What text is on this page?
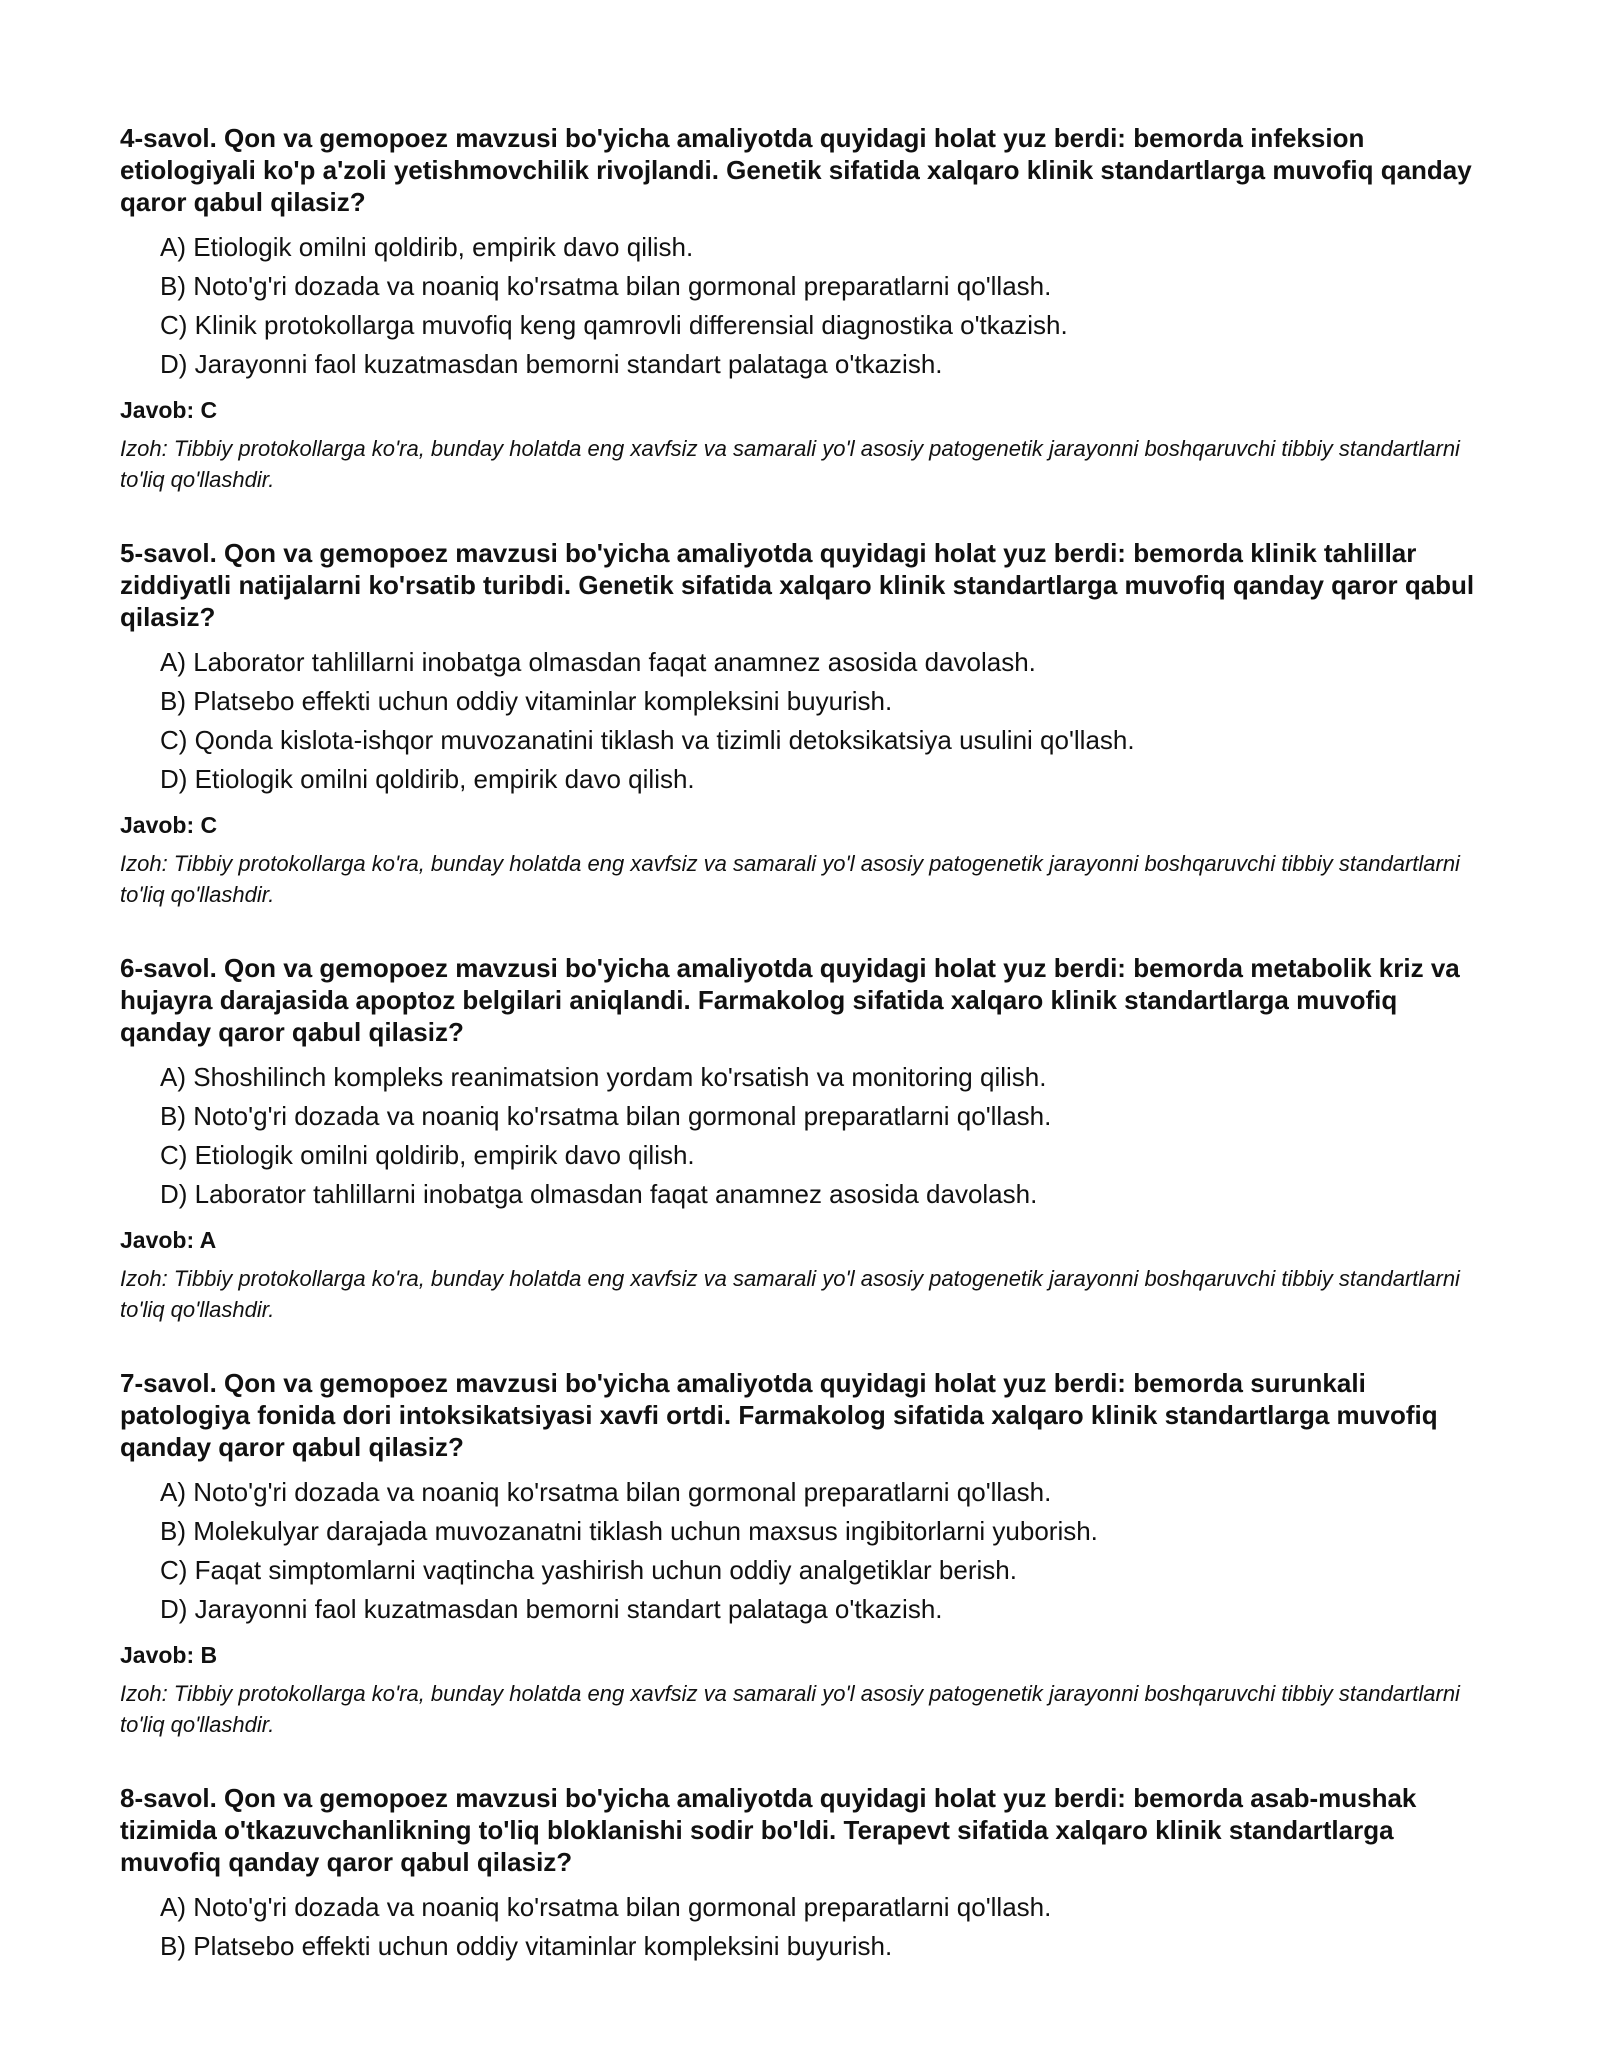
4-savol. Qon va gemopoez mavzusi bo'yicha amaliyotda quyidagi holat yuz berdi: bemorda infeksion etiologiyali ko'p a'zoli yetishmovchilik rivojlandi. Genetik sifatida xalqaro klinik standartlarga muvofiq qanday qaror qabul qilasiz?

A) Etiologik omilni qoldirib, empirik davo qilish.
B) Noto'g'ri dozada va noaniq ko'rsatma bilan gormonal preparatlarni qo'llash.
C) Klinik protokollarga muvofiq keng qamrovli differensial diagnostika o'tkazish.
D) Jarayonni faol kuzatmasdan bemorni standart palataga o'tkazish.

Javob: C

Izoh: Tibbiy protokollarga ko'ra, bunday holatda eng xavfsiz va samarali yo'l asosiy patogenetik jarayonni boshqaruvchi tibbiy standartlarni to'liq qo'llashdir.

5-savol. Qon va gemopoez mavzusi bo'yicha amaliyotda quyidagi holat yuz berdi: bemorda klinik tahlillar ziddiyatli natijalarni ko'rsatib turibdi. Genetik sifatida xalqaro klinik standartlarga muvofiq qanday qaror qabul qilasiz?

A) Laborator tahlillarni inobatga olmasdan faqat anamnez asosida davolash.
B) Platsebo effekti uchun oddiy vitaminlar kompleksini buyurish.
C) Qonda kislota-ishqor muvozanatini tiklash va tizimli detoksikatsiya usulini qo'llash.
D) Etiologik omilni qoldirib, empirik davo qilish.

Javob: C

Izoh: Tibbiy protokollarga ko'ra, bunday holatda eng xavfsiz va samarali yo'l asosiy patogenetik jarayonni boshqaruvchi tibbiy standartlarni to'liq qo'llashdir.

6-savol. Qon va gemopoez mavzusi bo'yicha amaliyotda quyidagi holat yuz berdi: bemorda metabolik kriz va hujayra darajasida apoptoz belgilari aniqlandi. Farmakolog sifatida xalqaro klinik standartlarga muvofiq qanday qaror qabul qilasiz?

A) Shoshilinch kompleks reanimatsion yordam ko'rsatish va monitoring qilish.
B) Noto'g'ri dozada va noaniq ko'rsatma bilan gormonal preparatlarni qo'llash.
C) Etiologik omilni qoldirib, empirik davo qilish.
D) Laborator tahlillarni inobatga olmasdan faqat anamnez asosida davolash.

Javob: A

Izoh: Tibbiy protokollarga ko'ra, bunday holatda eng xavfsiz va samarali yo'l asosiy patogenetik jarayonni boshqaruvchi tibbiy standartlarni to'liq qo'llashdir.

7-savol. Qon va gemopoez mavzusi bo'yicha amaliyotda quyidagi holat yuz berdi: bemorda surunkali patologiya fonida dori intoksikatsiyasi xavfi ortdi. Farmakolog sifatida xalqaro klinik standartlarga muvofiq qanday qaror qabul qilasiz?

A) Noto'g'ri dozada va noaniq ko'rsatma bilan gormonal preparatlarni qo'llash.
B) Molekulyar darajada muvozanatni tiklash uchun maxsus ingibitorlarni yuborish.
C) Faqat simptomlarni vaqtincha yashirish uchun oddiy analgetiklar berish.
D) Jarayonni faol kuzatmasdan bemorni standart palataga o'tkazish.

Javob: B

Izoh: Tibbiy protokollarga ko'ra, bunday holatda eng xavfsiz va samarali yo'l asosiy patogenetik jarayonni boshqaruvchi tibbiy standartlarni to'liq qo'llashdir.

8-savol. Qon va gemopoez mavzusi bo'yicha amaliyotda quyidagi holat yuz berdi: bemorda asab-mushak tizimida o'tkazuvchanlikning to'liq bloklanishi sodir bo'ldi. Terapevt sifatida xalqaro klinik standartlarga muvofiq qanday qaror qabul qilasiz?

A) Noto'g'ri dozada va noaniq ko'rsatma bilan gormonal preparatlarni qo'llash.
B) Platsebo effekti uchun oddiy vitaminlar kompleksini buyurish.
